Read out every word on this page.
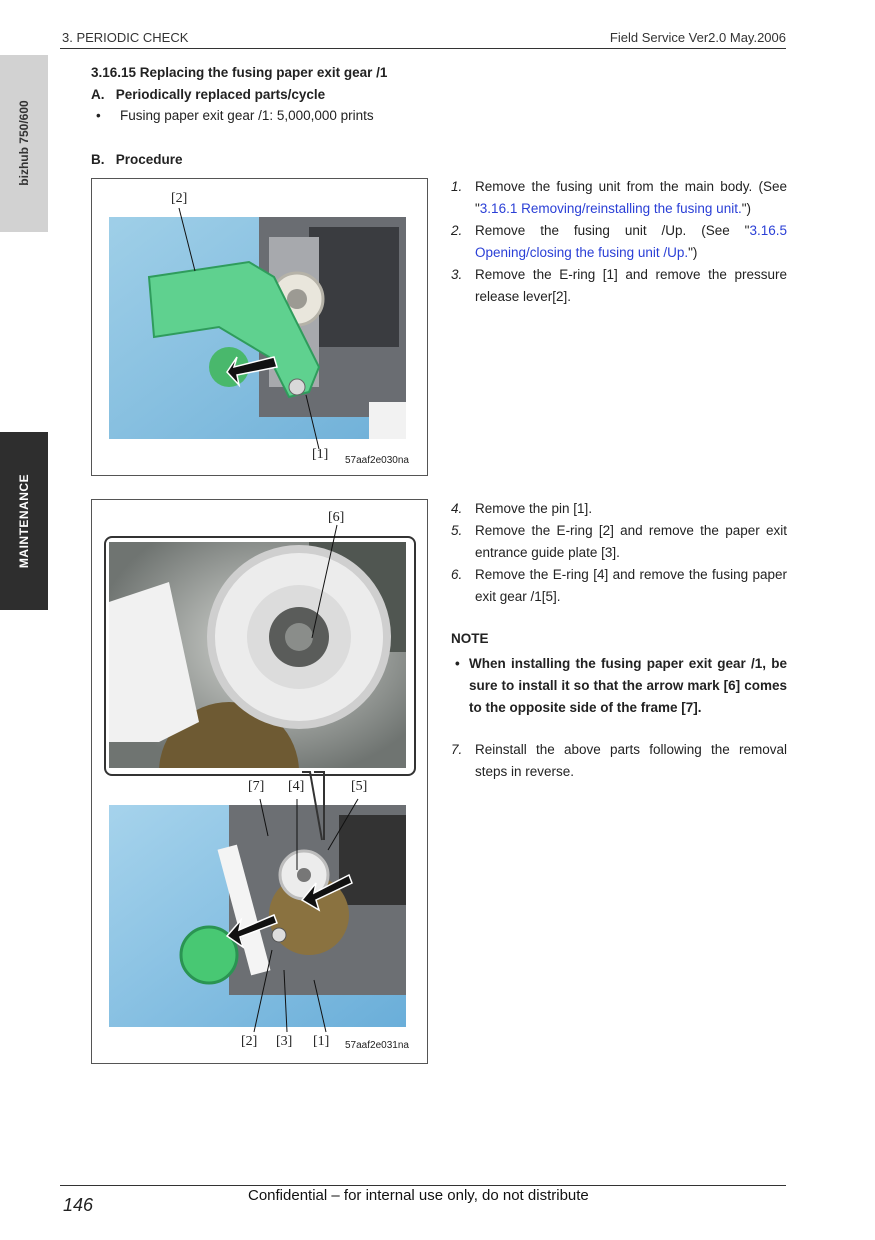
3. PERIODIC CHECK	Field Service Ver2.0 May.2006
bizhub 750/600
MAINTENANCE
3.16.15 Replacing the fusing paper exit gear /1
A.   Periodically replaced parts/cycle
• Fusing paper exit gear /1: 5,000,000 prints
B.   Procedure
[2]
[1] 57aaf2e030na
1. Remove the fusing unit from the main body. (See "3.16.1 Removing/reinstalling the fusing unit.")
2. Remove the fusing unit /Up. (See "3.16.5 Opening/closing the fusing unit /Up.")
3. Remove the E-ring [1] and remove the pressure release lever[2].
[6]
[7] [4]	[5]
[2] [3] [1] 57aaf2e031na
4. Remove the pin [1].
5. Remove the E-ring [2] and remove the paper exit entrance guide plate [3].
6. Remove the E-ring [4] and remove the fusing paper exit gear /1[5].
NOTE
• When installing the fusing paper exit gear /1, be sure to install it so that the arrow mark [6] comes to the opposite side of the frame [7].
7. Reinstall the above parts following the removal steps in reverse.
146	Confidential – for internal use only, do not distribute
